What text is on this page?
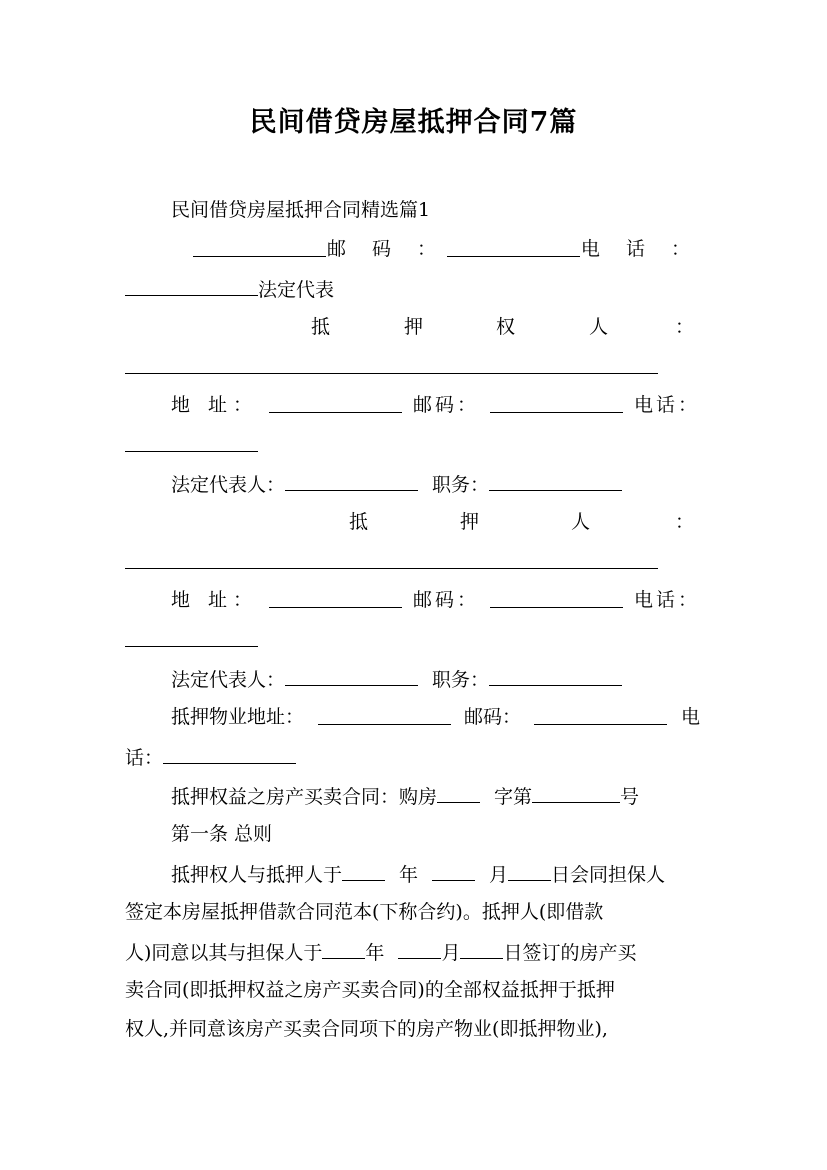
民间借贷房屋抵押合同7篇
民间借贷房屋抵押合同精选篇1
邮 码 ：	电 话 ：
法定代表
抵	押	权	人	：
地 址：	邮码：	电话：
法定代表人：	职务：
抵	押	人	：
地 址：	邮码：	电话：
法定代表人：	职务：
抵押物业地址：	邮码：	电
话：
抵押权益之房产买卖合同：购房	字第	号
第一条 总则
抵押权人与抵押人于	年	月 日会同担保人
签定本房屋抵押借款合同范本(下称合约)。抵押人(即借款
人)同意以其与担保人于 年	月 日签订的房产买
卖合同(即抵押权益之房产买卖合同)的全部权益抵押于抵押
权人,并同意该房产买卖合同项下的房产物业(即抵押物业),
